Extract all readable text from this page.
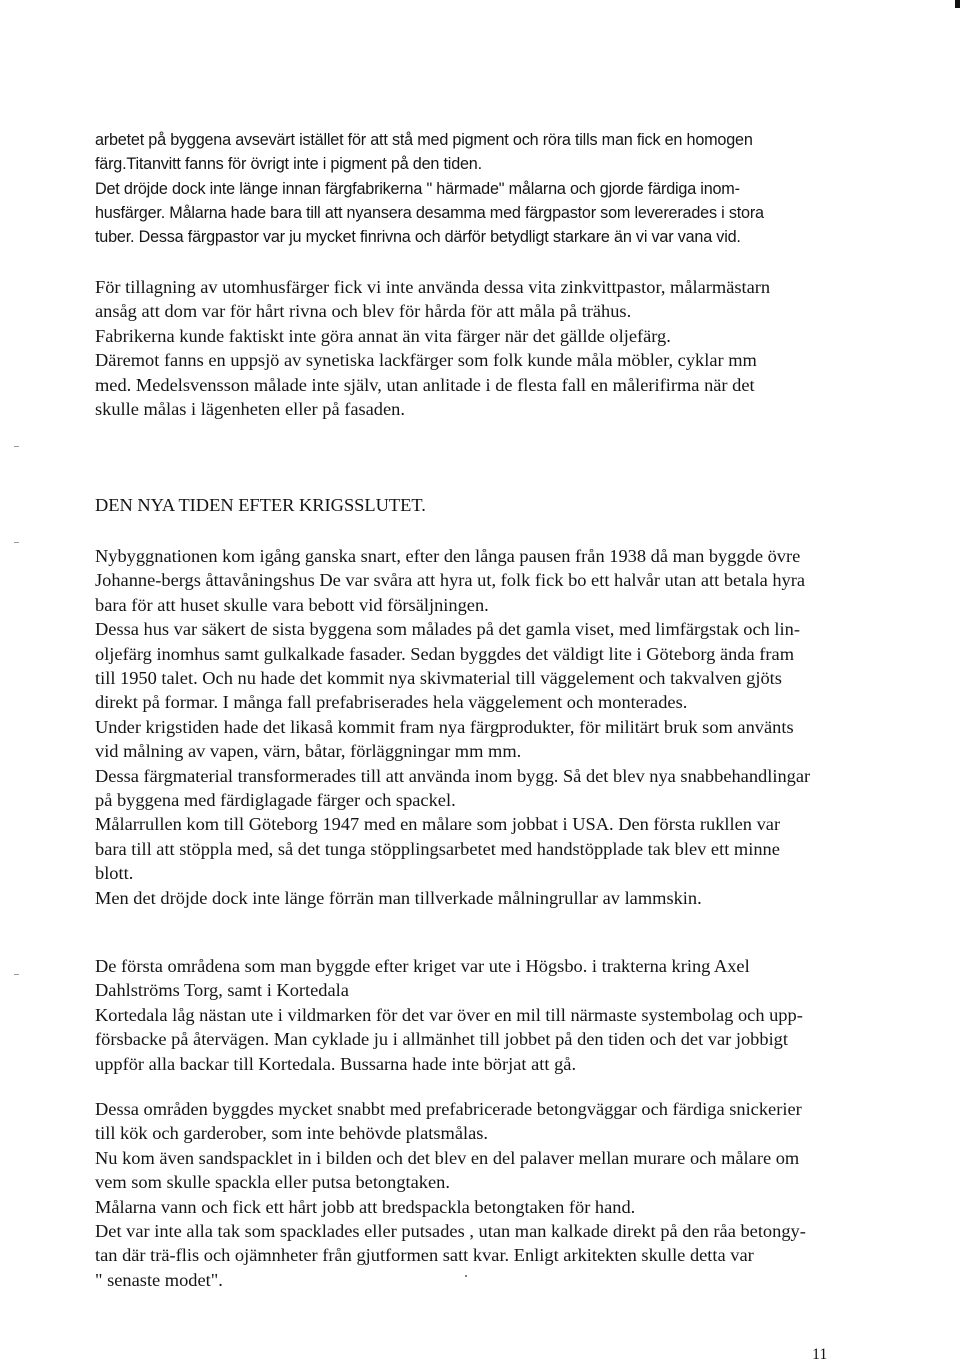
arbetet på byggena avsevärt istället för att stå med pigment och röra tills man fick en homogen
färg.Titanvitt fanns för övrigt inte i pigment på den tiden.
Det dröjde dock inte länge innan färgfabrikerna " härmade" målarna och gjorde färdiga inom-
husfärger. Målarna hade bara till att nyansera desamma med färgpastor som levererades i stora
tuber. Dessa färgpastor var ju mycket finrivna och därför betydligt starkare än vi var vana vid.
För tillagning av utomhusfärger fick vi inte använda dessa vita zinkvittpastor, målarmästarn
ansåg att dom var för hårt rivna och blev för hårda för att måla på trähus.
Fabrikerna kunde faktiskt inte göra annat än vita färger när det gällde oljefärg.
Däremot fanns en uppsjö av synetiska lackfärger som folk kunde måla möbler, cyklar mm
med. Medelsvensson målade inte själv, utan anlitade i de flesta fall en målerifirma när det
skulle målas i lägenheten eller på fasaden.
DEN NYA TIDEN EFTER KRIGSSLUTET.
Nybyggnationen kom igång ganska snart, efter den långa pausen från 1938 då man byggde övre
Johanne-bergs åttavåningshus De var svåra att hyra ut, folk fick bo ett halvår utan att betala hyra
bara för att huset skulle vara bebott vid försäljningen.
Dessa hus var säkert de sista byggena som målades på det gamla viset, med limfärgstak och lin-
oljefärg inomhus samt gulkalkade fasader. Sedan byggdes det väldigt lite i Göteborg ända fram
till 1950 talet. Och nu hade det kommit nya skivmaterial till väggelement och takvalven gjöts
direkt på formar. I många fall prefabriserades hela väggelement och monterades.
Under krigstiden hade det likaså kommit fram nya färgprodukter, för militärt bruk som använts
vid målning av vapen, värn, båtar, förläggningar mm mm.
Dessa färgmaterial transformerades till att använda inom bygg. Så det blev nya snabbehandlingar
på byggena med färdiglagade färger och spackel.
Målarrullen kom till Göteborg 1947 med en målare som jobbat i USA. Den första rukllen var
bara till att stöppla med, så det tunga stöpplingsarbetet med handstöpplade tak blev ett minne
blott.
Men det dröjde dock inte länge förrän man tillverkade målningrullar av lammskin.
De första områdena som man byggde efter kriget var ute i Högsbo. i trakterna kring Axel
Dahlströms Torg, samt i Kortedala
Kortedala låg nästan ute i vildmarken för det var över en mil till närmaste systembolag och upp-
försbacke på återvägen. Man cyklade ju i allmänhet till jobbet på den tiden och det var jobbigt
uppför alla backar till Kortedala. Bussarna hade inte börjat att gå.
Dessa områden byggdes mycket snabbt med prefabricerade betongväggar och färdiga snickerier
till kök och garderober, som inte behövde platsmålas.
Nu kom även sandspacklet in i bilden och det blev en del palaver mellan murare och målare om
vem som skulle spackla eller putsa betongtaken.
Målarna vann och fick ett hårt jobb att bredspackla betongtaken för hand.
Det var inte alla tak som spacklades eller putsades , utan man kalkade direkt på den råa betongy-
tan där trä-flis och ojämnheter från gjutformen satt kvar. Enligt arkitekten skulle detta var
" senaste modet".
11
